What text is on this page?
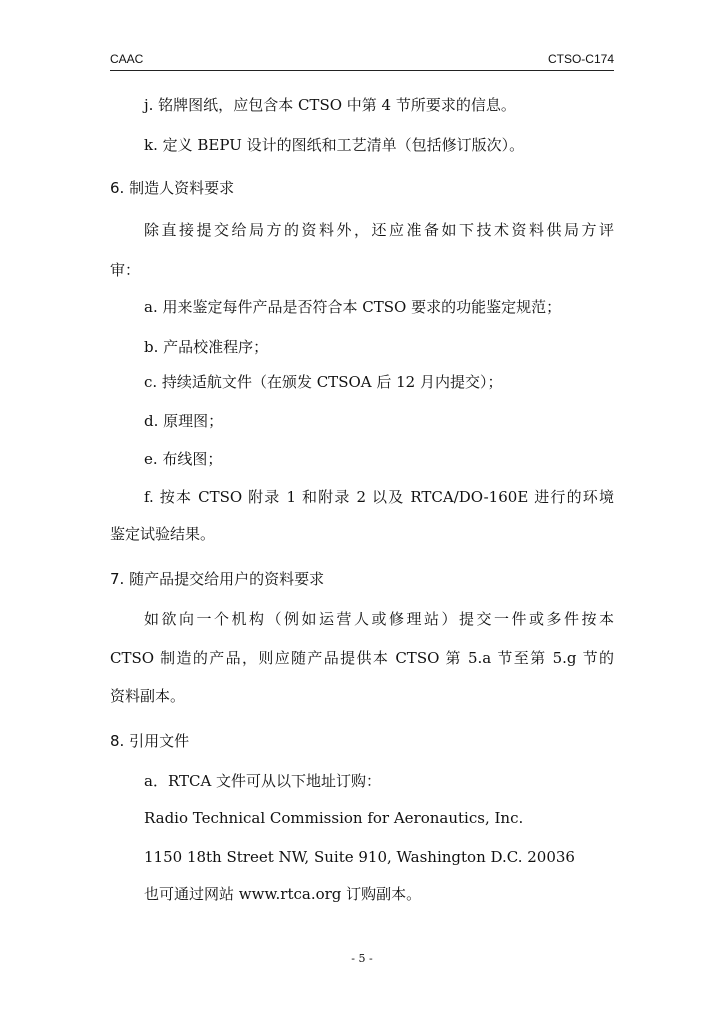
CAAC	CTSO-C174
j. 铭牌图纸，应包含本 CTSO 中第 4 节所要求的信息。
k. 定义 BEPU 设计的图纸和工艺清单（包括修订版次）。
6. 制造人资料要求
除直接提交给局方的资料外，还应准备如下技术资料供局方评
审：
a. 用来鉴定每件产品是否符合本 CTSO 要求的功能鉴定规范；
b. 产品校准程序；
c. 持续适航文件（在颁发 CTSOA 后 12 月内提交）；
d. 原理图；
e. 布线图；
f. 按本 CTSO 附录 1 和附录 2 以及 RTCA/DO-160E 进行的环境
鉴定试验结果。
7. 随产品提交给用户的资料要求
如欲向一个机构（例如运营人或修理站）提交一件或多件按本
CTSO 制造的产品，则应随产品提供本 CTSO 第 5.a 节至第 5.g 节的
资料副本。
8. 引用文件
a．RTCA 文件可从以下地址订购：
Radio Technical Commission for Aeronautics, Inc.
1150 18th Street NW, Suite 910, Washington D.C. 20036
也可通过网站 www.rtca.org 订购副本。
- 5 -
